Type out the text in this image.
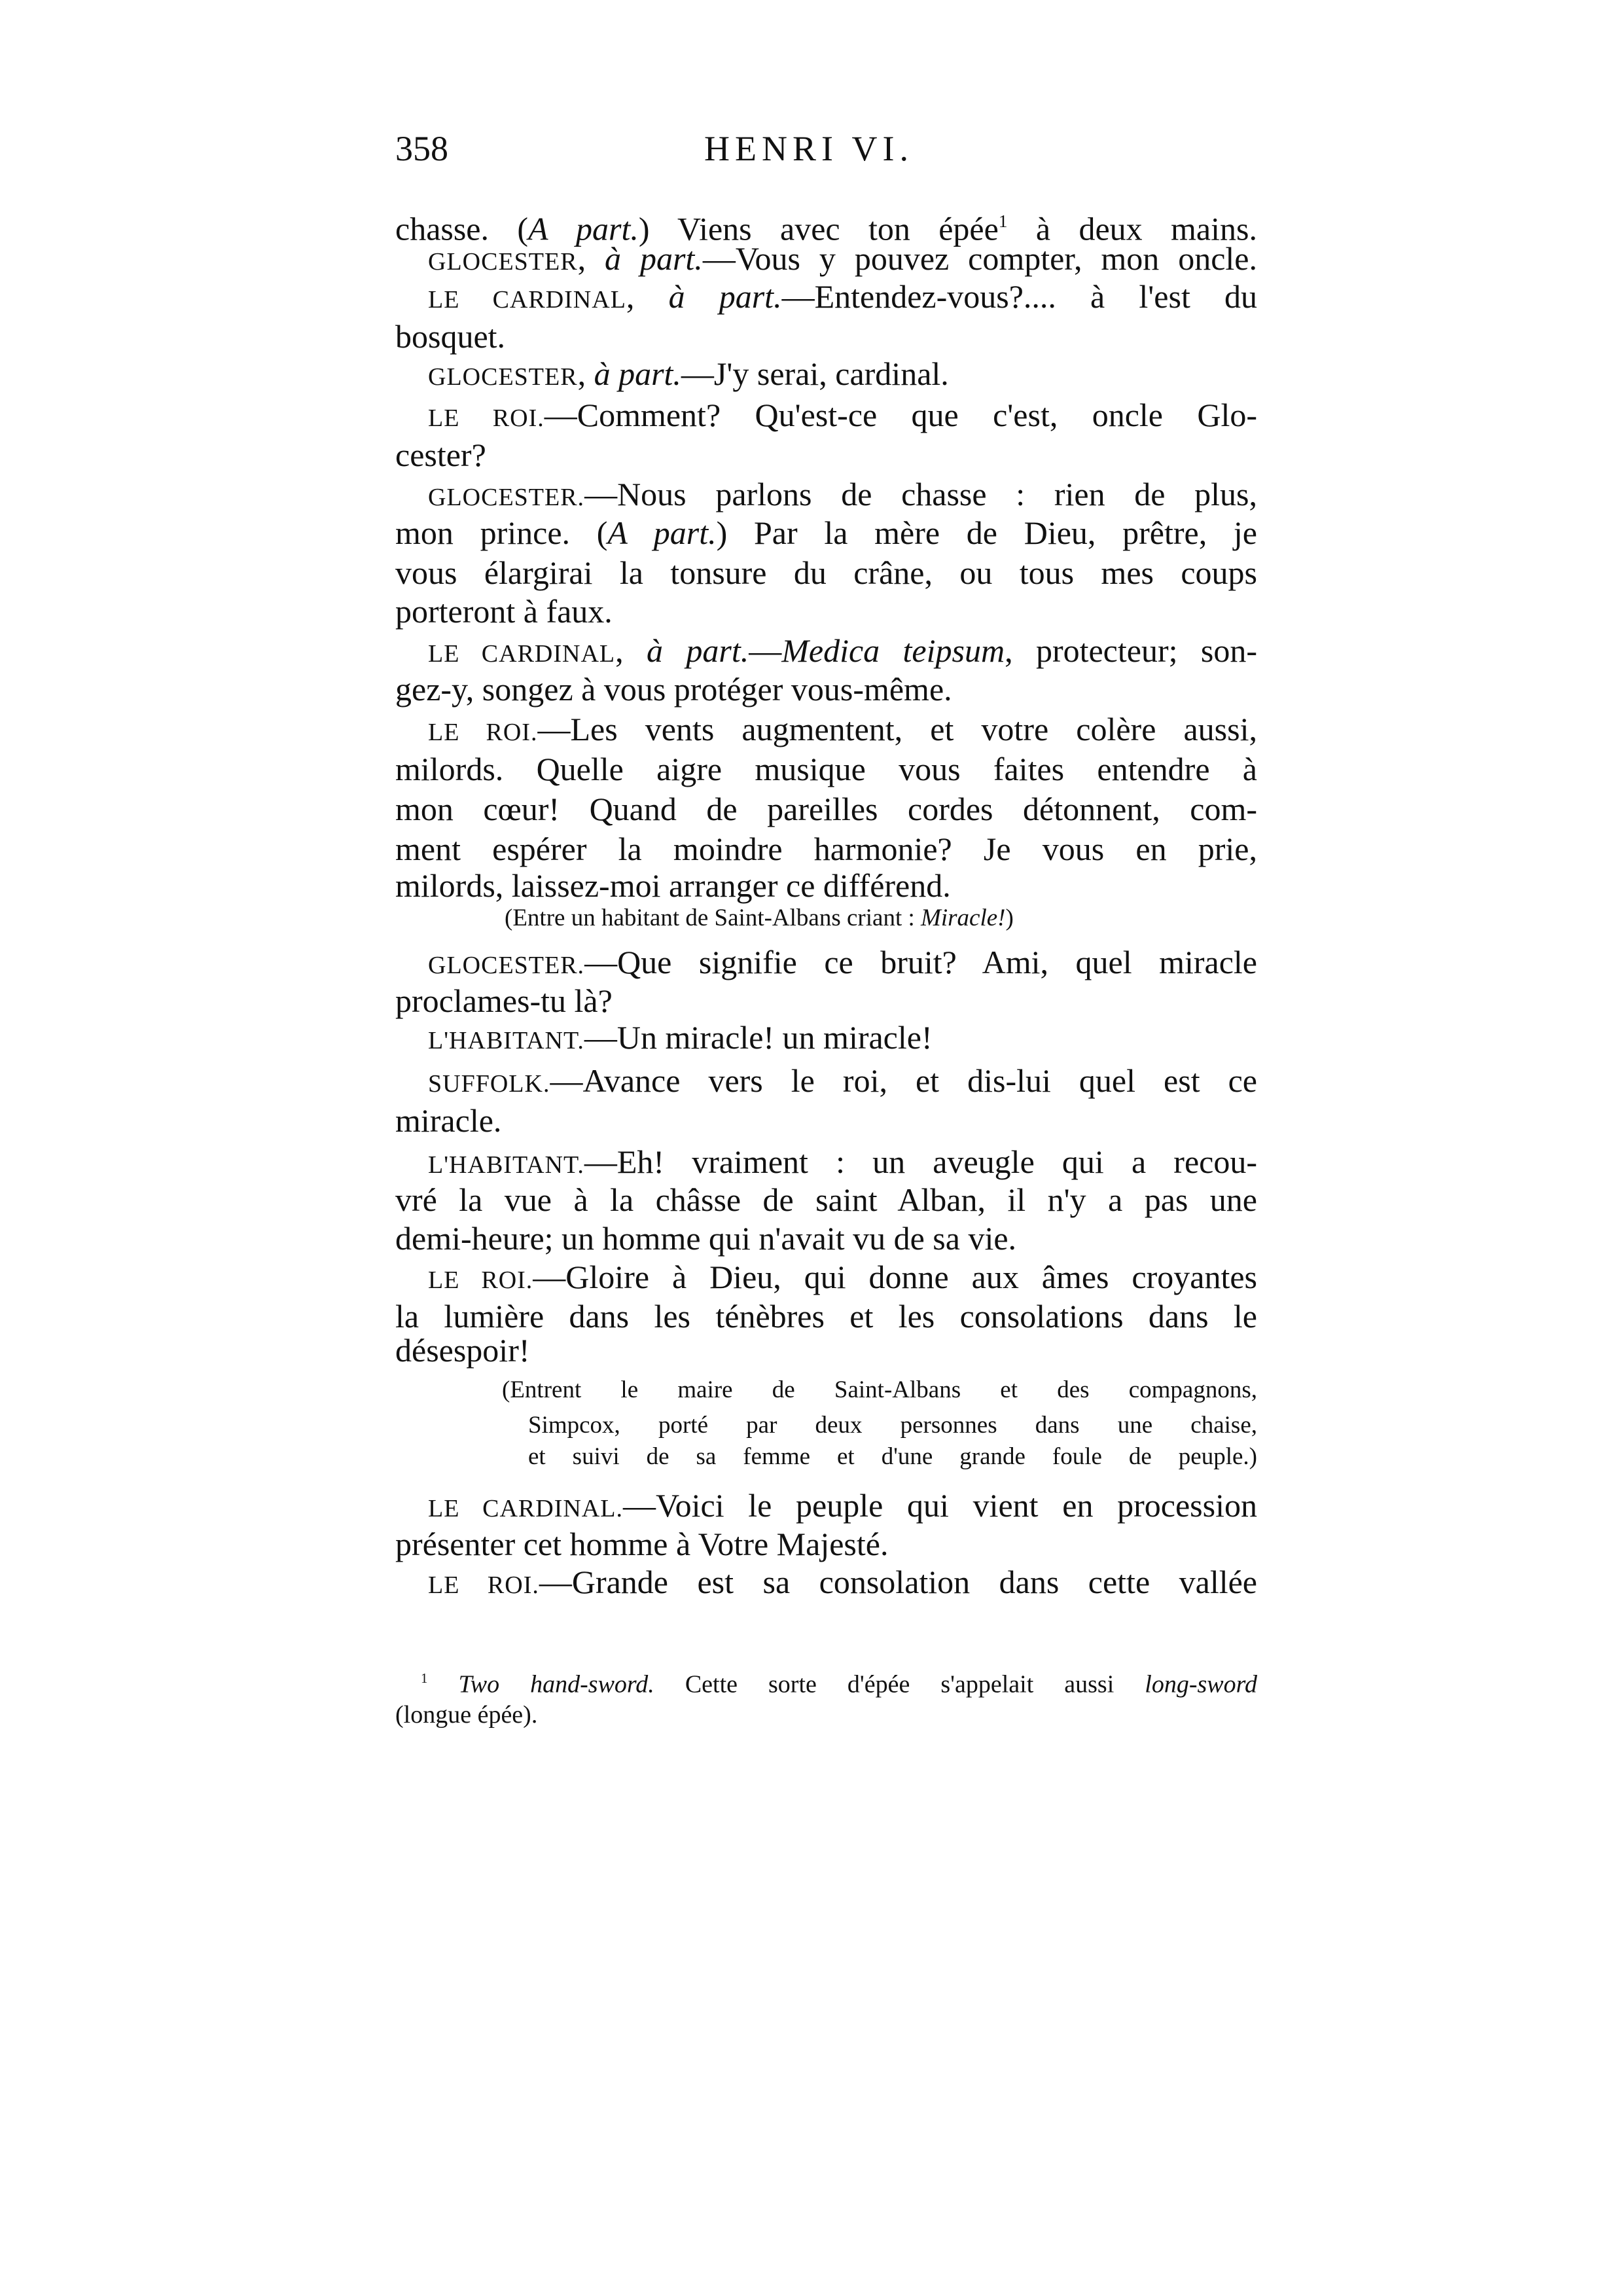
358	HENRI VI.
chasse. (A part.) Viens avec ton épée$^1$ à deux mains.
GLOCESTER, à part.—Vous y pouvez compter, mon oncle.
LE CARDINAL, à part.—Entendez-vous?.... à l'est du
bosquet.
GLOCESTER, à part.—J'y serai, cardinal.
LE ROI.—Comment? Qu'est-ce que c'est, oncle Glo-
cester?
GLOCESTER.—Nous parlons de chasse : rien de plus,
mon prince. (A part.) Par la mère de Dieu, prêtre, je
vous élargirai la tonsure du crâne, ou tous mes coups
porteront à faux.
LE CARDINAL, à part.—Medica teipsum, protecteur; son-
gez-y, songez à vous protéger vous-même.
LE ROI.—Les vents augmentent, et votre colère aussi,
milords. Quelle aigre musique vous faites entendre à
mon cœur! Quand de pareilles cordes détonnent, com-
ment espérer la moindre harmonie? Je vous en prie,
milords, laissez-moi arranger ce différend.
(Entre un habitant de Saint-Albans criant : Miracle!)
GLOCESTER.—Que signifie ce bruit? Ami, quel miracle
proclames-tu là?
L'HABITANT.—Un miracle! un miracle!
SUFFOLK.—Avance vers le roi, et dis-lui quel est ce
miracle.
L'HABITANT.—Eh! vraiment : un aveugle qui a recou-
vré la vue à la châsse de saint Alban, il n'y a pas une
demi-heure; un homme qui n'avait vu de sa vie.
LE ROI.—Gloire à Dieu, qui donne aux âmes croyantes
la lumière dans les ténèbres et les consolations dans le
désespoir!
(Entrent le maire de Saint-Albans et des compagnons,
Simpcox, porté par deux personnes dans une chaise,
et suivi de sa femme et d'une grande foule de peuple.)
LE CARDINAL.—Voici le peuple qui vient en procession
présenter cet homme à Votre Majesté.
LE ROI.—Grande est sa consolation dans cette vallée
$^1$ Two hand-sword. Cette sorte d'épée s'appelait aussi long-sword
(longue épée).
